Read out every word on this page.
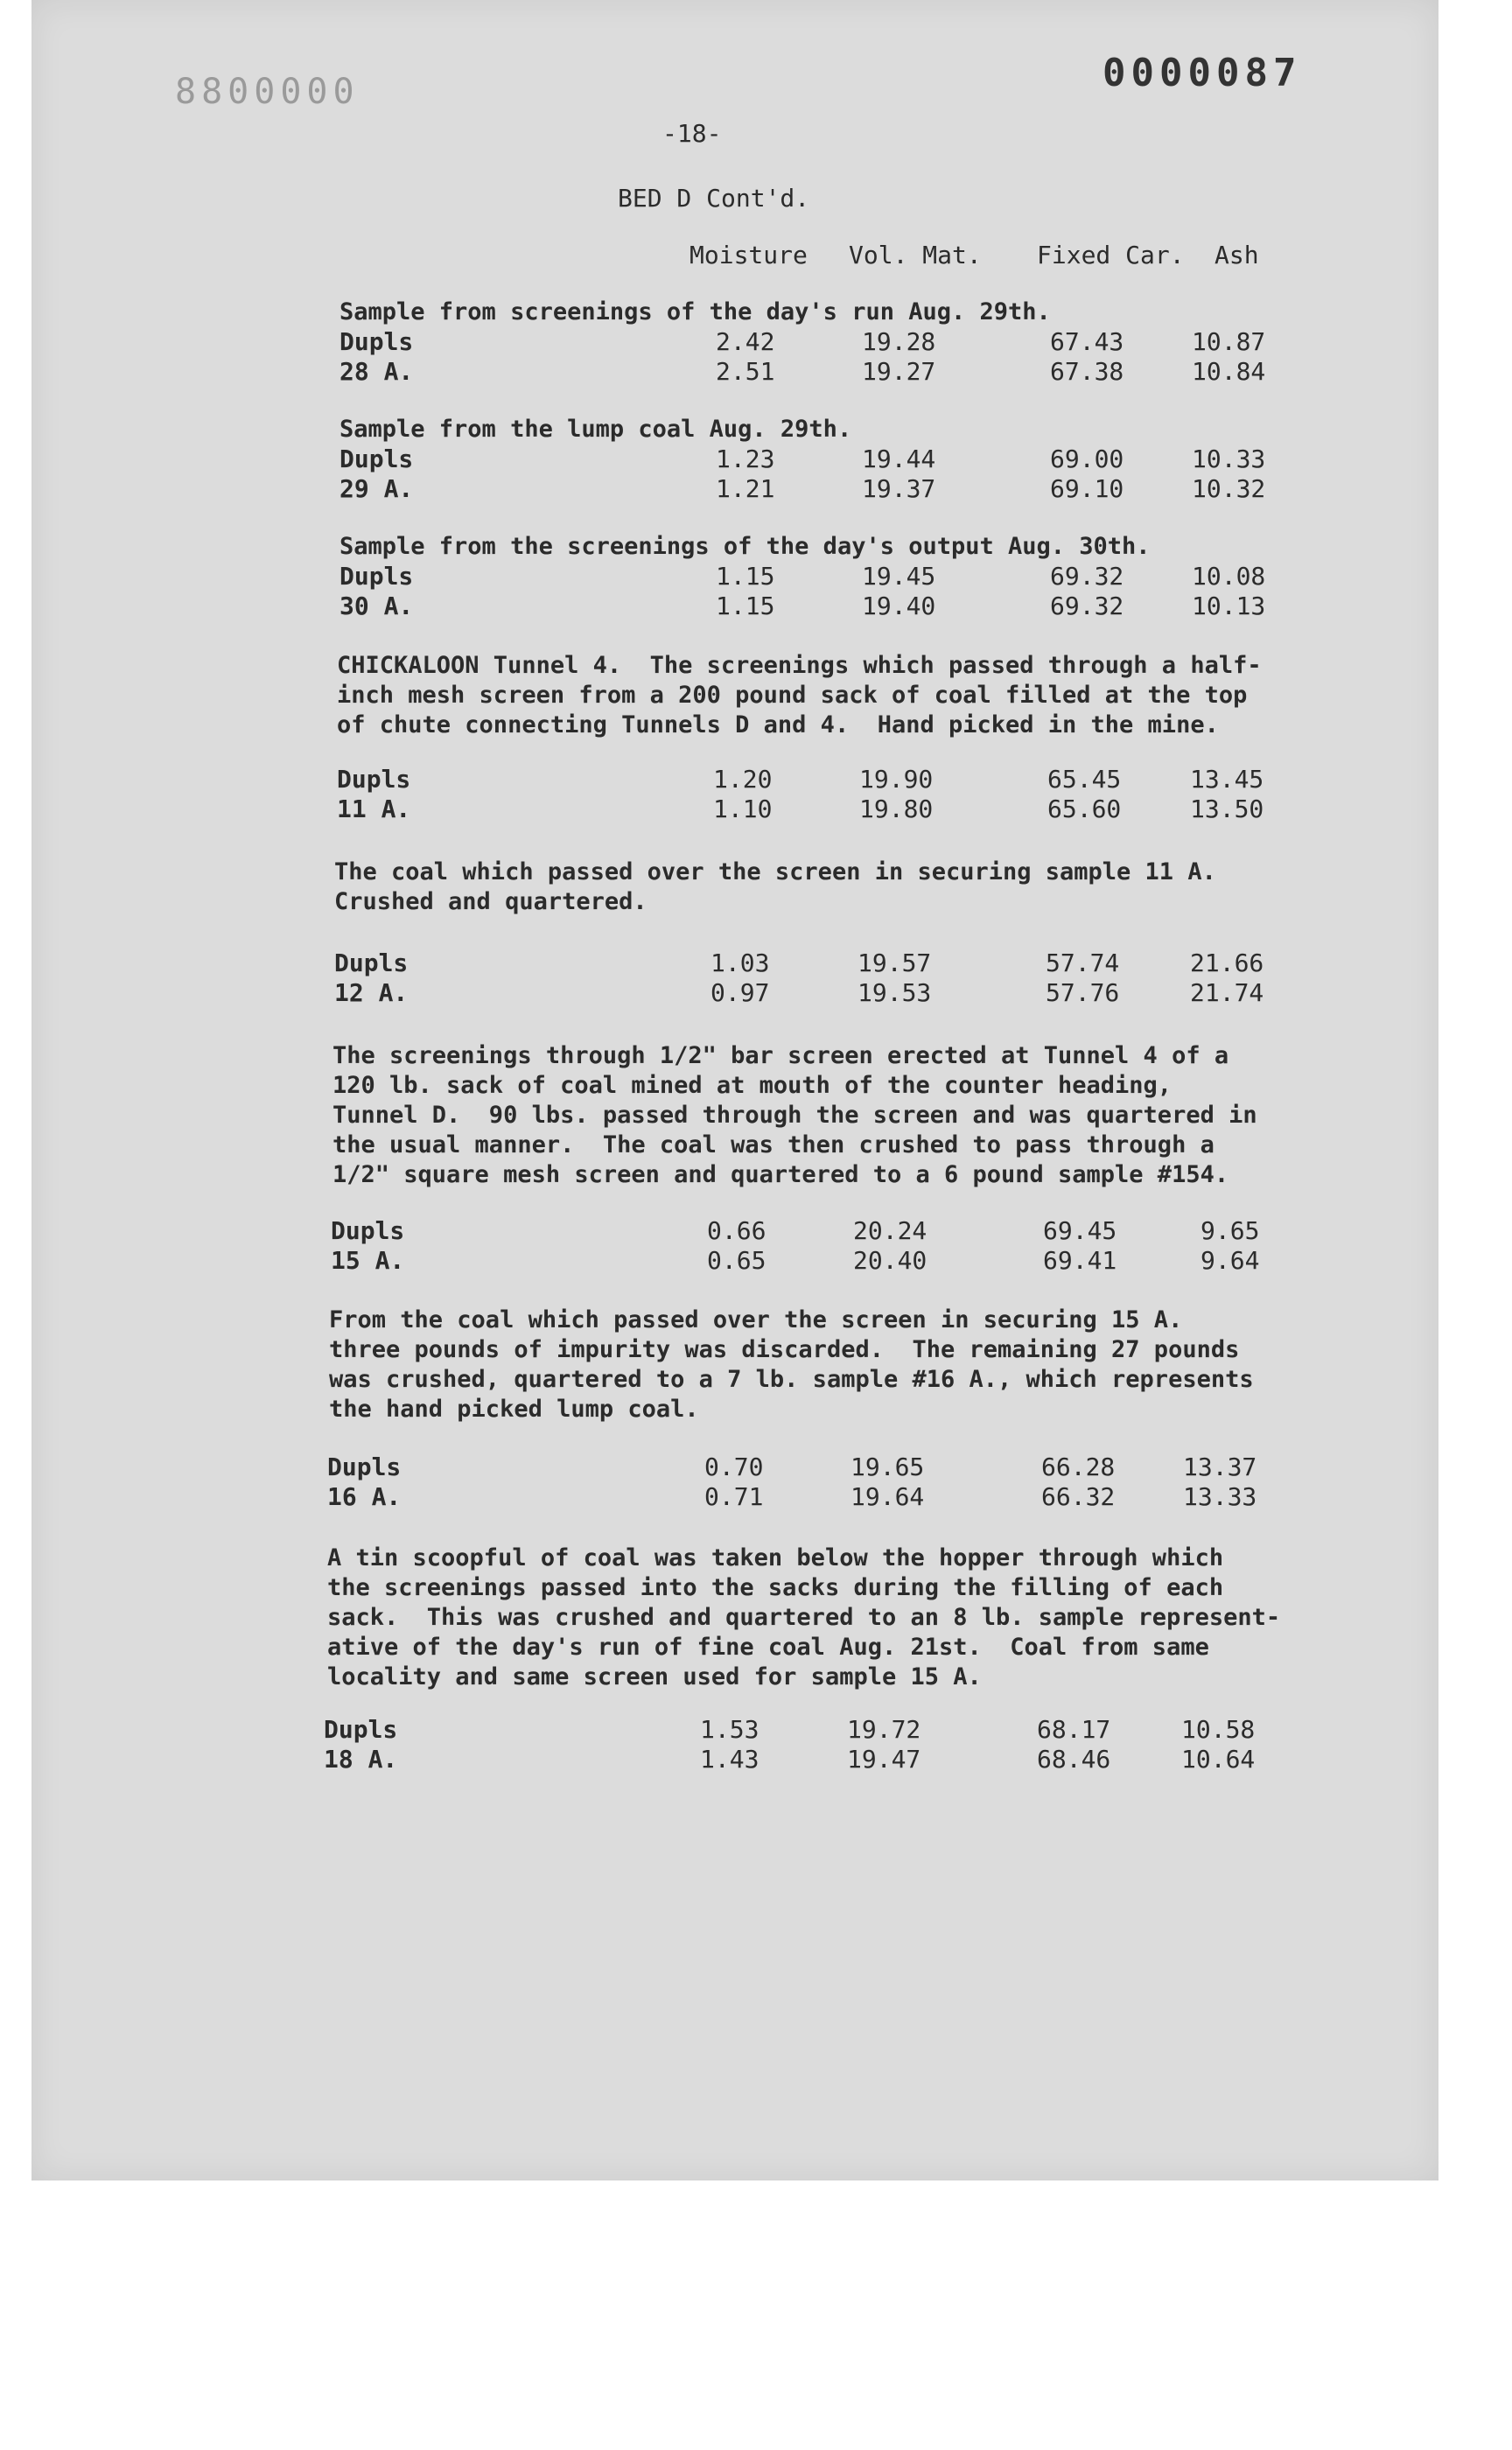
8800000	0000087
-18-
BED D Cont'd.
Moisture Vol. Mat. Fixed Car. Ash
Sample from screenings of the day's run Aug. 29th.
Dupls	2.42	19.28	67.43	10.87
28 A.	2.51	19.27	67.38	10.84
Sample from the lump coal Aug. 29th.
Dupls	1.23	19.44	69.00	10.33
29 A.	1.21	19.37	69.10	10.32
Sample from the screenings of the day's output Aug. 30th.
Dupls	1.15	19.45	69.32	10.08
30 A.	1.15	19.40	69.32	10.13
CHICKALOON Tunnel 4.  The screenings which passed through a half-
inch mesh screen from a 200 pound sack of coal filled at the top
of chute connecting Tunnels D and 4.  Hand picked in the mine.
Dupls	1.20	19.90	65.45	13.45
11 A.	1.10	19.80	65.60	13.50
The coal which passed over the screen in securing sample 11 A.
Crushed and quartered.
Dupls	1.03	19.57	57.74	21.66
12 A.	0.97	19.53	57.76	21.74
The screenings through 1/2" bar screen erected at Tunnel 4 of a
120 lb. sack of coal mined at mouth of the counter heading,
Tunnel D.  90 lbs. passed through the screen and was quartered in
the usual manner.  The coal was then crushed to pass through a
1/2" square mesh screen and quartered to a 6 pound sample #154.
Dupls	0.66	20.24	69.45	9.65
15 A.	0.65	20.40	69.41	9.64
From the coal which passed over the screen in securing 15 A.
three pounds of impurity was discarded.  The remaining 27 pounds
was crushed, quartered to a 7 lb. sample #16 A., which represents
the hand picked lump coal.
Dupls	0.70	19.65	66.28	13.37
16 A.	0.71	19.64	66.32	13.33
A tin scoopful of coal was taken below the hopper through which
the screenings passed into the sacks during the filling of each
sack.  This was crushed and quartered to an 8 lb. sample represent-
ative of the day's run of fine coal Aug. 21st.  Coal from same
locality and same screen used for sample 15 A.
Dupls	1.53	19.72	68.17	10.58
18 A.	1.43	19.47	68.46	10.64
